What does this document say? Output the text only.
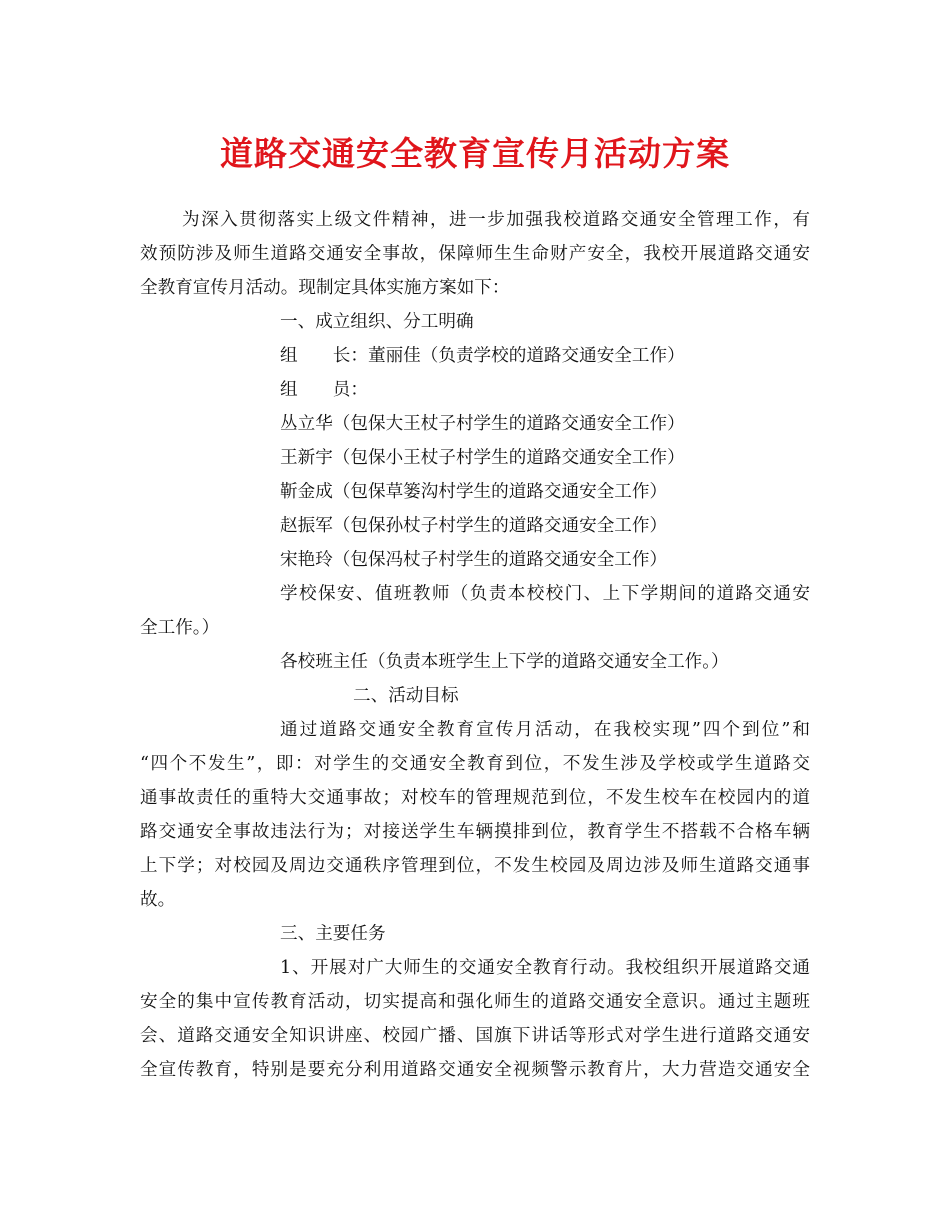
道路交通安全教育宣传月活动方案
为深入贯彻落实上级文件精神，进一步加强我校道路交通安全管理工作，有
效预防涉及师生道路交通安全事故，保障师生生命财产安全，我校开展道路交通安
全教育宣传月活动。现制定具体实施方案如下：
一、成立组织、分工明确
组　　长：董丽佳（负责学校的道路交通安全工作）
组　　员：
丛立华（包保大王杖子村学生的道路交通安全工作）
王新宇（包保小王杖子村学生的道路交通安全工作）
靳金成（包保草篓沟村学生的道路交通安全工作）
赵振军（包保孙杖子村学生的道路交通安全工作）
宋艳玲（包保冯杖子村学生的道路交通安全工作）
学校保安、值班教师（负责本校校门、上下学期间的道路交通安
全工作。）
各校班主任（负责本班学生上下学的道路交通安全工作。）
二、活动目标
通过道路交通安全教育宣传月活动，在我校实现”四个到位”和
“四个不发生”，即：对学生的交通安全教育到位，不发生涉及学校或学生道路交
通事故责任的重特大交通事故；对校车的管理规范到位，不发生校车在校园内的道
路交通安全事故违法行为；对接送学生车辆摸排到位，教育学生不搭载不合格车辆
上下学；对校园及周边交通秩序管理到位，不发生校园及周边涉及师生道路交通事
故。
三、主要任务
1、开展对广大师生的交通安全教育行动。我校组织开展道路交通
安全的集中宣传教育活动，切实提高和强化师生的道路交通安全意识。通过主题班
会、道路交通安全知识讲座、校园广播、国旗下讲话等形式对学生进行道路交通安
全宣传教育，特别是要充分利用道路交通安全视频警示教育片，大力营造交通安全
